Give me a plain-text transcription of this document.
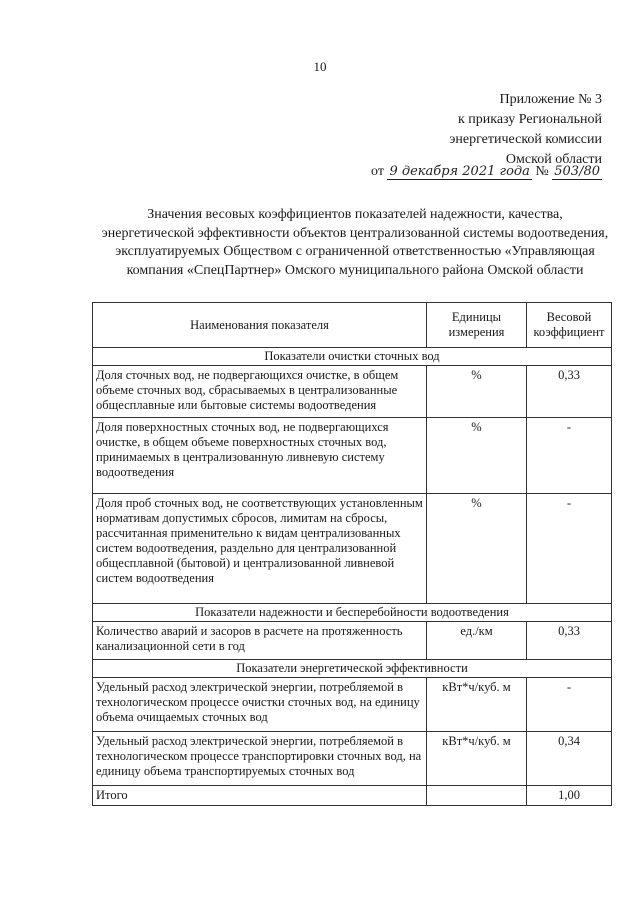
10
Приложение № 3
к приказу Региональной
энергетической комиссии
Омской области
от 9 декабря 2021 года № 503/80
Значения весовых коэффициентов показателей надежности, качества, энергетической эффективности объектов централизованной системы водоотведения, эксплуатируемых Обществом с ограниченной ответственностью «Управляющая компания «СпецПартнер» Омского муниципального района Омской области
Наименования показателя	Единицы измерения	Весовой коэффициент
Показатели очистки сточных вод		
Доля сточных вод, не подвергающихся очистке, в общем объеме сточных вод, сбрасываемых в централизованные общесплавные или бытовые системы водоотведения	%	0,33
Доля поверхностных сточных вод, не подвергающихся очистке, в общем объеме поверхностных сточных вод, принимаемых в централизованную ливневую систему водоотведения	%	-
Доля проб сточных вод, не соответствующих установленным нормативам допустимых сбросов, лимитам на сбросы, рассчитанная применительно к видам централизованных систем водоотведения, раздельно для централизованной общесплавной (бытовой) и централизованной ливневой систем водоотведения	%	-
Показатели надежности и бесперебойности водоотведения		
Количество аварий и засоров в расчете на протяженность канализационной сети в год	ед./км	0,33
Показатели энергетической эффективности		
Удельный расход электрической энергии, потребляемой в технологическом процессе очистки сточных вод, на единицу объема очищаемых сточных вод	кВт*ч/куб. м	-
Удельный расход электрической энергии, потребляемой в технологическом процессе транспортировки сточных вод, на единицу объема транспортируемых сточных вод	кВт*ч/куб. м	0,34
Итого		1,00
